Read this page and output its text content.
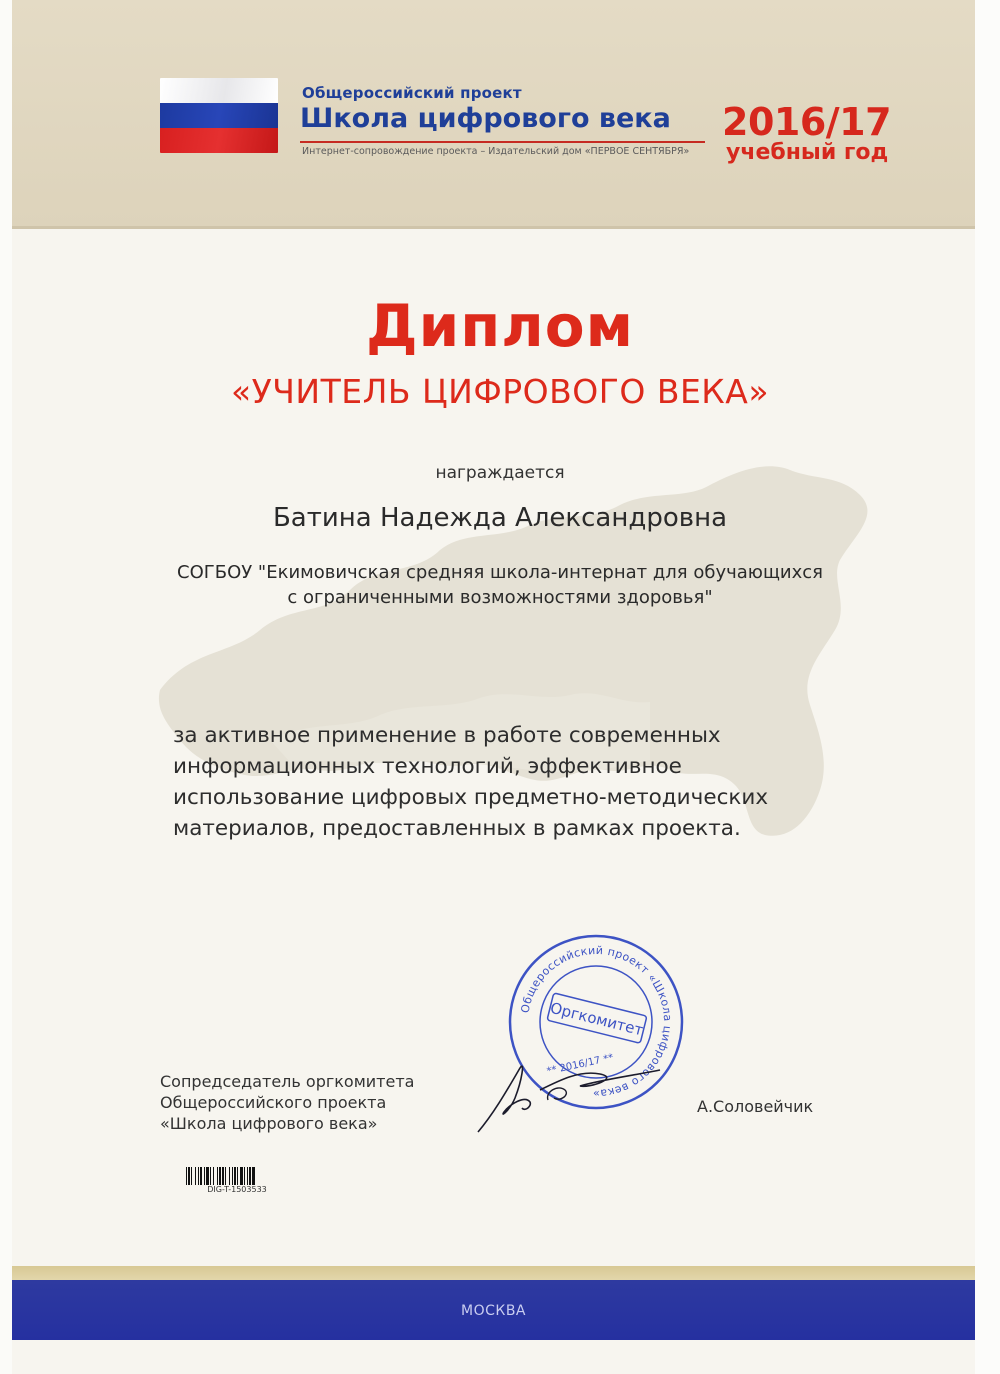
Общероссийский проект
Школа цифрового века
Интернет-сопровождение проекта – Издательский дом «ПЕРВОЕ СЕНТЯБРЯ»
2016/17
учебный год
Диплом
«УЧИТЕЛЬ ЦИФРОВОГО ВЕКА»
награждается
Батина Надежда Александровна
СОГБОУ "Екимовичская средняя школа-интернат для обучающихся
с ограниченными возможностями здоровья"
за активное применение в работе современных
информационных технологий, эффективное
использование цифровых предметно-методических
материалов, предоставленных в рамках проекта.
Сопредседатель оргкомитета
Общероссийского проекта
«Школа цифрового века»
Общероссийский проект «Школа цифрового века»
** 2016/17 **
Оргкомитет
А.Соловейчик
DIG-T-1503533
МОСКВА
